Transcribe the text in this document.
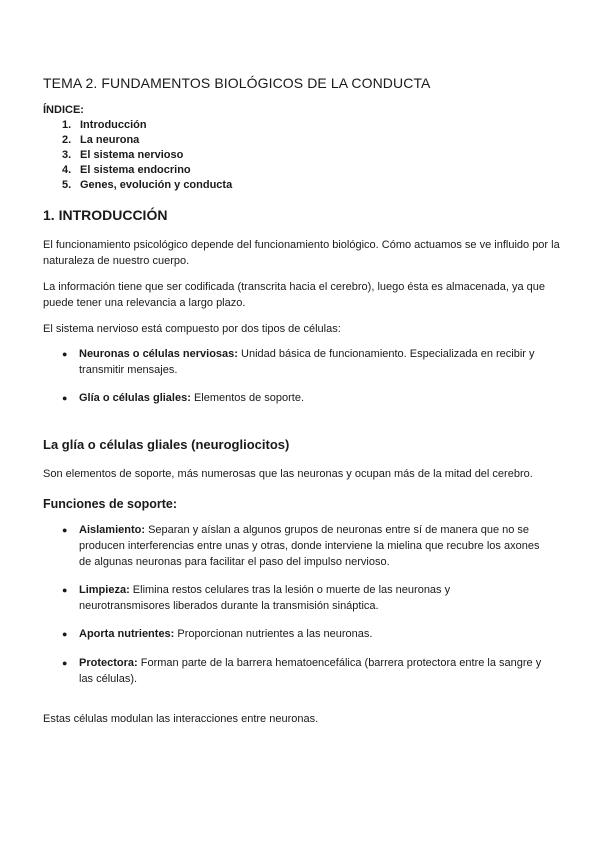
TEMA 2. FUNDAMENTOS BIOLÓGICOS DE LA CONDUCTA
ÍNDICE:
1. Introducción
2. La neurona
3. El sistema nervioso
4. El sistema endocrino
5. Genes, evolución y conducta
1. INTRODUCCIÓN
El funcionamiento psicológico depende del funcionamiento biológico. Cómo actuamos se ve influido por la naturaleza de nuestro cuerpo.
La información tiene que ser codificada (transcrita hacia el cerebro), luego ésta es almacenada, ya que puede tener una relevancia a largo plazo.
El sistema nervioso está compuesto por dos tipos de células:
●	Neuronas o células nerviosas: Unidad básica de funcionamiento. Especializada en recibir y transmitir mensajes.
●	Glía o células gliales: Elementos de soporte.
La glía o células gliales (neurogliocitos)
Son elementos de soporte, más numerosas que las neuronas y ocupan más de la mitad del cerebro.
Funciones de soporte:
●	Aislamiento: Separan y aíslan a algunos grupos de neuronas entre sí de manera que no se producen interferencias entre unas y otras, donde interviene la mielina que recubre los axones de algunas neuronas para facilitar el paso del impulso nervioso.
●	Limpieza: Elimina restos celulares tras la lesión o muerte de las neuronas y neurotransmisores liberados durante la transmisión sináptica.
●	Aporta nutrientes: Proporcionan nutrientes a las neuronas.
●	Protectora: Forman parte de la barrera hematoencefálica (barrera protectora entre la sangre y las células).
Estas células modulan las interacciones entre neuronas.
